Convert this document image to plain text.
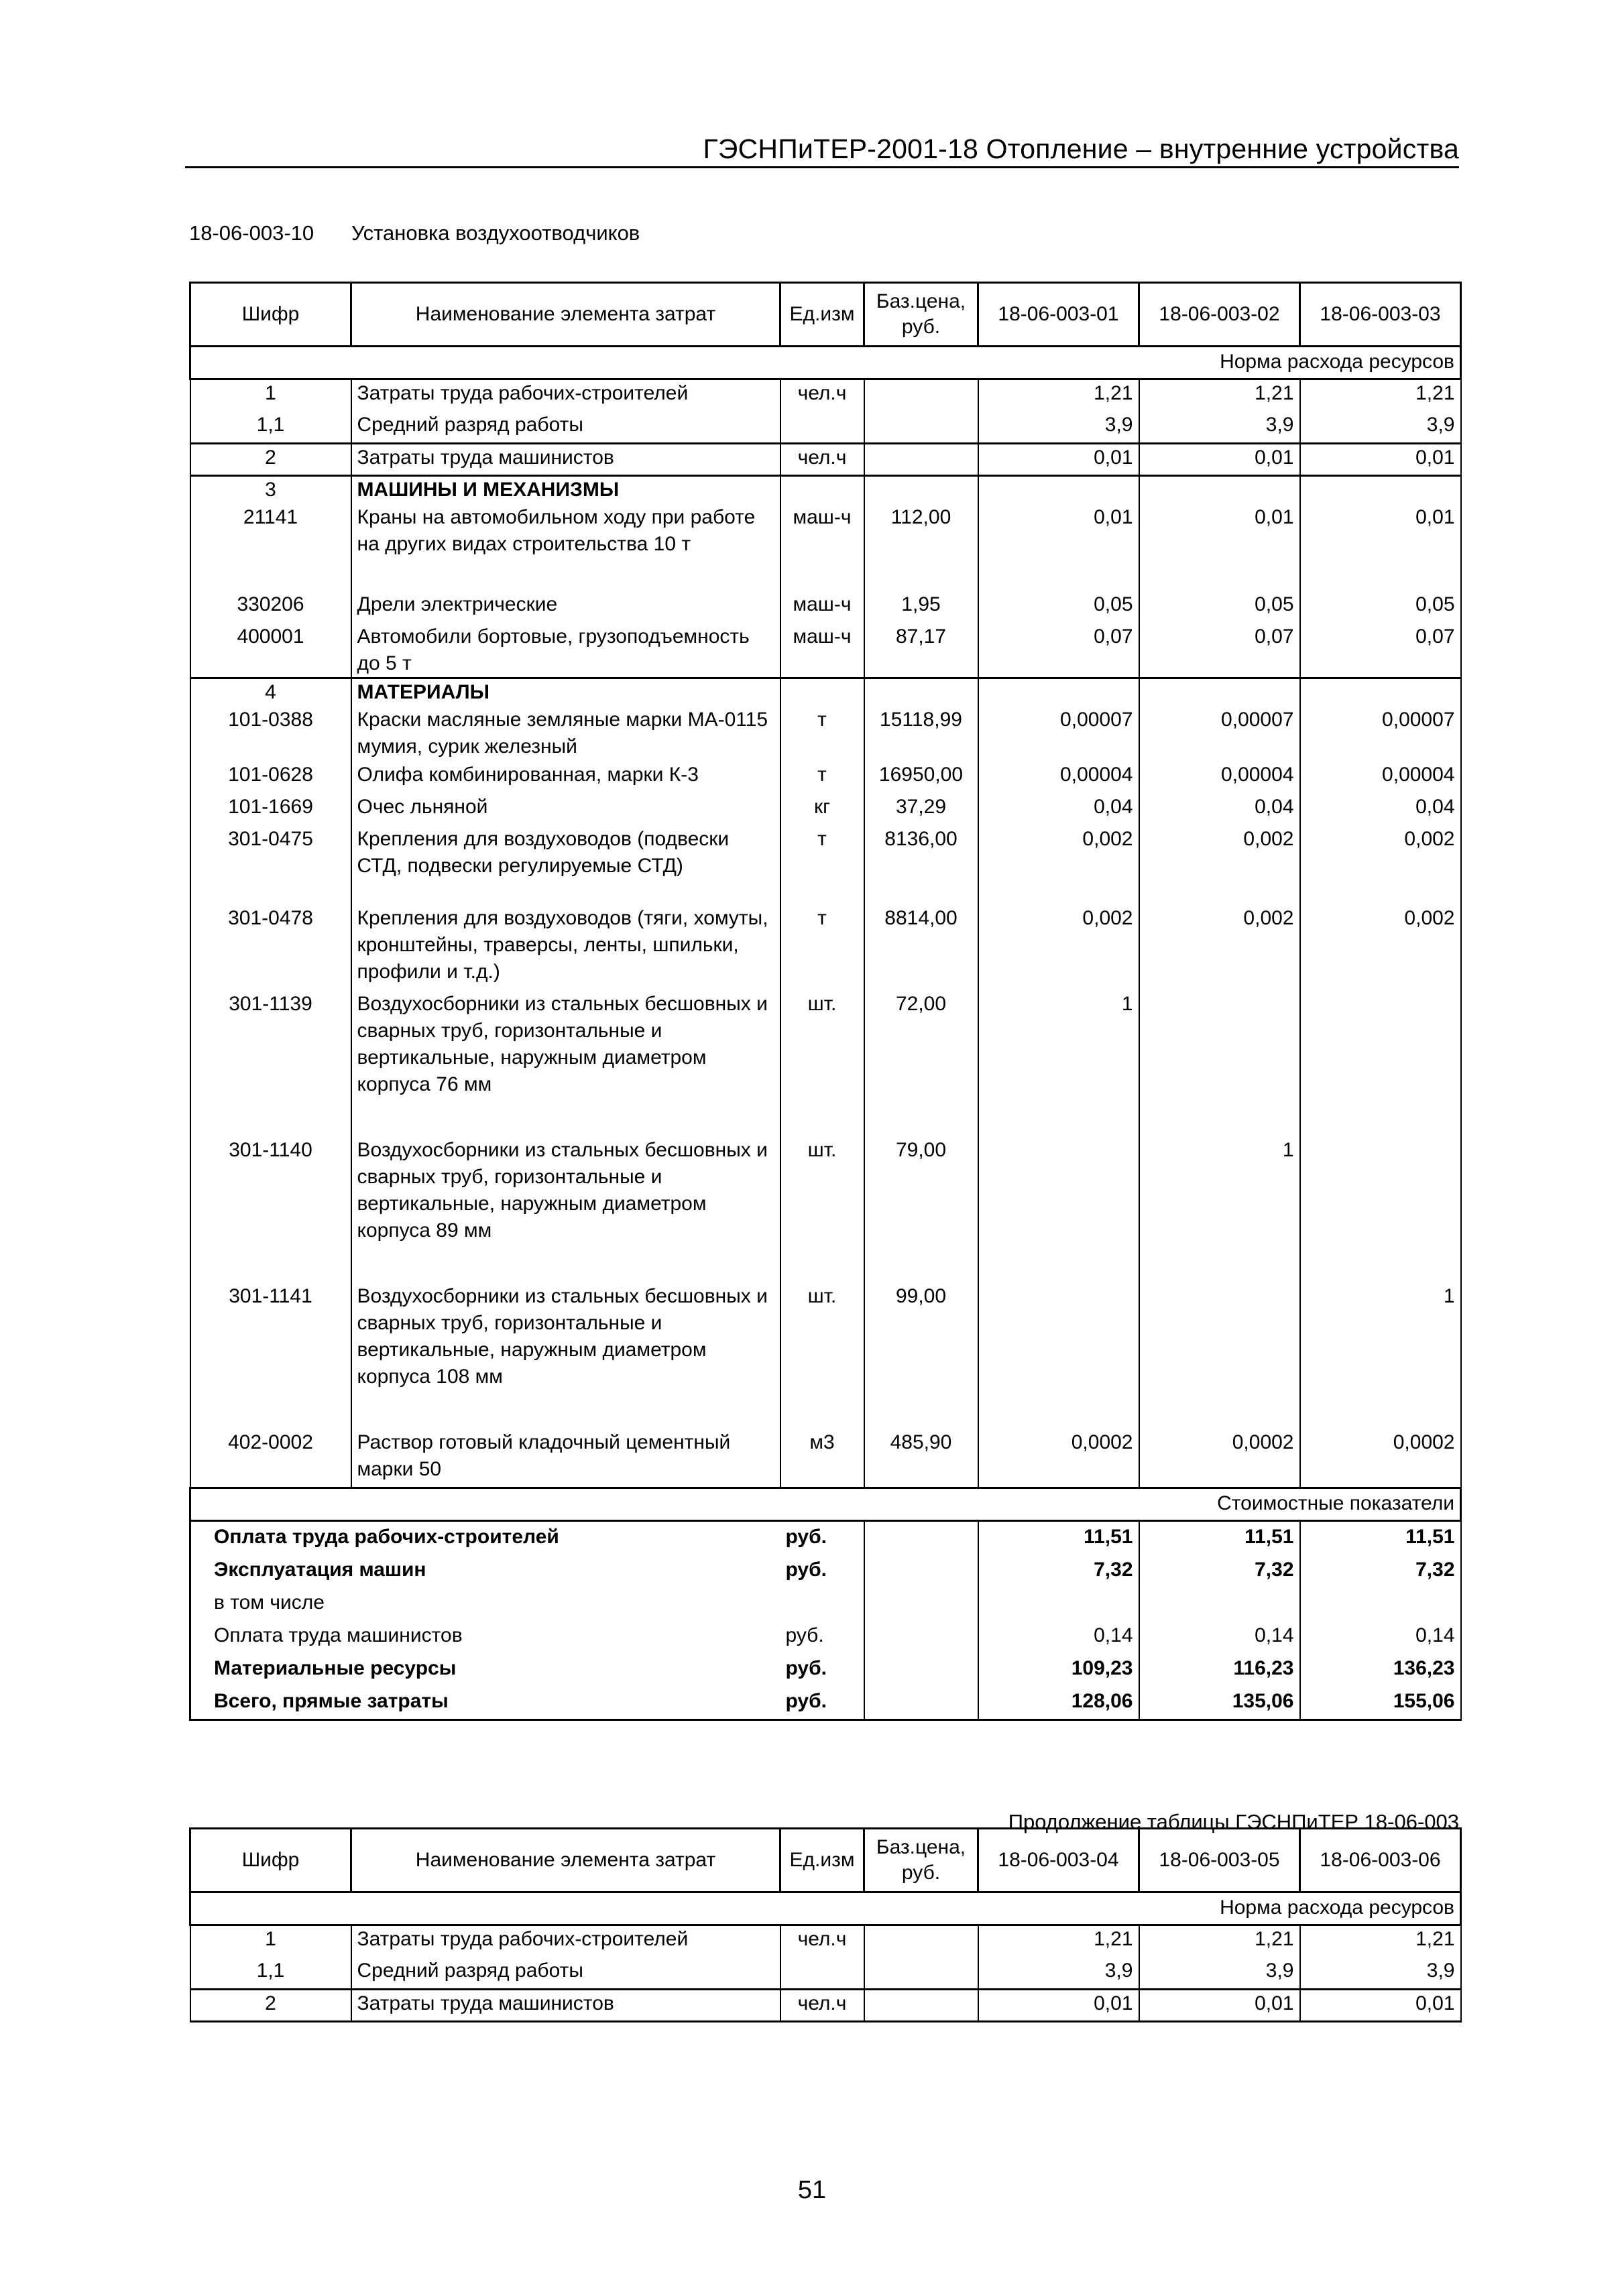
ГЭСНПиТЕР-2001-18 Отопление – внутренние устройства
18-06-003-10 Установка воздухоотводчиков
Шифр	Наименование элемента затрат	Ед.изм	Баз.цена, руб.	18-06-003-01	18-06-003-02	18-06-003-03
Норма расхода ресурсов						
1	Затраты труда рабочих-строителей	чел.ч		1,21	1,21	1,21
1,1	Средний разряд работы			3,9	3,9	3,9
2	Затраты труда машинистов	чел.ч		0,01	0,01	0,01
3	МАШИНЫ И МЕХАНИЗМЫ					
21141	Краны на автомобильном ходу при работе на других видах строительства 10 т	маш-ч	112,00	0,01	0,01	0,01
330206	Дрели электрические	маш-ч	1,95	0,05	0,05	0,05
400001	Автомобили бортовые, грузоподъемность до 5 т	маш-ч	87,17	0,07	0,07	0,07
4	МАТЕРИАЛЫ					
101-0388	Краски масляные земляные марки МА-0115 мумия, сурик железный	т	15118,99	0,00007	0,00007	0,00007
101-0628	Олифа комбинированная, марки К-3	т	16950,00	0,00004	0,00004	0,00004
101-1669	Очес льняной	кг	37,29	0,04	0,04	0,04
301-0475	Крепления для воздуховодов (подвески СТД, подвески регулируемые СТД)	т	8136,00	0,002	0,002	0,002
301-0478	Крепления для воздуховодов (тяги, хомуты, кронштейны, траверсы, ленты, шпильки, профили и т.д.)	т	8814,00	0,002	0,002	0,002
301-1139	Воздухосборники из стальных бесшовных и сварных труб, горизонтальные и вертикальные, наружным диаметром корпуса 76 мм	шт.	72,00	1		
301-1140	Воздухосборники из стальных бесшовных и сварных труб, горизонтальные и вертикальные, наружным диаметром корпуса 89 мм	шт.	79,00		1	
301-1141	Воздухосборники из стальных бесшовных и сварных труб, горизонтальные и вертикальные, наружным диаметром корпуса 108 мм	шт.	99,00			1
402-0002	Раствор готовый кладочный цементный марки 50	м3	485,90	0,0002	0,0002	0,0002
Стоимостные показатели						
Оплата труда рабочих-строителей		руб.		11,51	11,51	11,51
Эксплуатация машин		руб.		7,32	7,32	7,32
в том числе						
Оплата труда машинистов		руб.		0,14	0,14	0,14
Материальные ресурсы		руб.		109,23	116,23	136,23
Всего, прямые затраты		руб.		128,06	135,06	155,06
Продолжение таблицы ГЭСНПиТЕР 18-06-003
Шифр	Наименование элемента затрат	Ед.изм	Баз.цена, руб.	18-06-003-04	18-06-003-05	18-06-003-06
Норма расхода ресурсов						
1	Затраты труда рабочих-строителей	чел.ч		1,21	1,21	1,21
1,1	Средний разряд работы			3,9	3,9	3,9
2	Затраты труда машинистов	чел.ч		0,01	0,01	0,01
51
